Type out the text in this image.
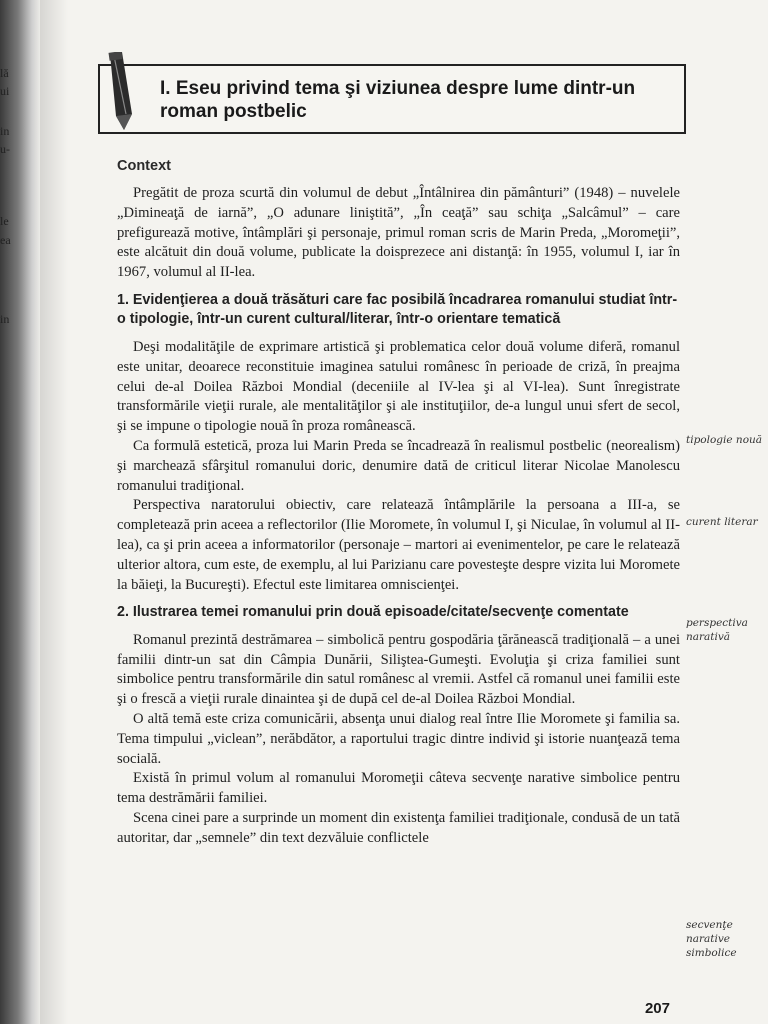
lă
ui
in
u-
le
ea
in
I. Eseu privind tema şi viziunea despre lume dintr-un roman postbelic
Context

Pregătit de proza scurtă din volumul de debut „Întâlnirea din pământuri” (1948) – nuvelele „Dimineaţă de iarnă”, „O adunare liniştită”, „În ceaţă” sau schiţa „Salcâmul” – care prefigurează motive, întâmplări şi personaje, primul roman scris de Marin Preda, „Moromeţii”, este alcătuit din două volume, publicate la doisprezece ani distanţă: în 1955, volumul I, iar în 1967, volumul al II-lea.

1. Evidenţierea a două trăsături care fac posibilă încadrarea romanului studiat într-o tipologie, într-un curent cultural/literar, într-o orientare tematică

Deşi modalităţile de exprimare artistică şi problematica celor două volume diferă, romanul este unitar, deoarece reconstituie imaginea satului românesc în perioade de criză, în preajma celui de-al Doilea Război Mondial (deceniile al IV-lea şi al VI-lea). Sunt înregistrate transformările vieţii rurale, ale mentalităţilor şi ale instituţiilor, de-a lungul unui sfert de secol, şi se impune o tipologie nouă în proza românească.

Ca formulă estetică, proza lui Marin Preda se încadrează în realismul postbelic (neorealism) şi marchează sfârşitul romanului doric, denumire dată de criticul literar Nicolae Manolescu romanului tradiţional.

Perspectiva naratorului obiectiv, care relatează întâmplările la persoana a III-a, se completează prin aceea a reflectorilor (Ilie Moromete, în volumul I, şi Niculae, în volumul al II-lea), ca şi prin aceea a informatorilor (personaje – martori ai evenimentelor, pe care le relatează ulterior altora, cum este, de exemplu, al lui Parizianu care povesteşte despre vizita lui Moromete la băieţi, la Bucureşti). Efectul este limitarea omniscienţei.

2. Ilustrarea temei romanului prin două episoade/citate/secvenţe comentate

Romanul prezintă destrămarea – simbolică pentru gospodăria ţărănească tradiţională – a unei familii dintr-un sat din Câmpia Dunării, Siliştea-Gumeşti. Evoluţia şi criza familiei sunt simbolice pentru transformările din satul românesc al vremii. Astfel că romanul unei familii este şi o frescă a vieţii rurale dinaintea şi de după cel de-al Doilea Război Mondial.

O altă temă este criza comunicării, absenţa unui dialog real între Ilie Moromete şi familia sa. Tema timpului „viclean”, nerăbdător, a raportului tragic dintre individ şi istorie nuanţează tema socială.

Există în primul volum al romanului Moromeţii câteva secvenţe narative simbolice pentru tema destrămării familiei.

Scena cinei pare a surprinde un moment din existenţa familiei tradiţionale, condusă de un tată autoritar, dar „semnele” din text dezvăluie conflictele

tipologie nouă
curent literar
perspectiva narativă
secvenţe narative simbolice
207
